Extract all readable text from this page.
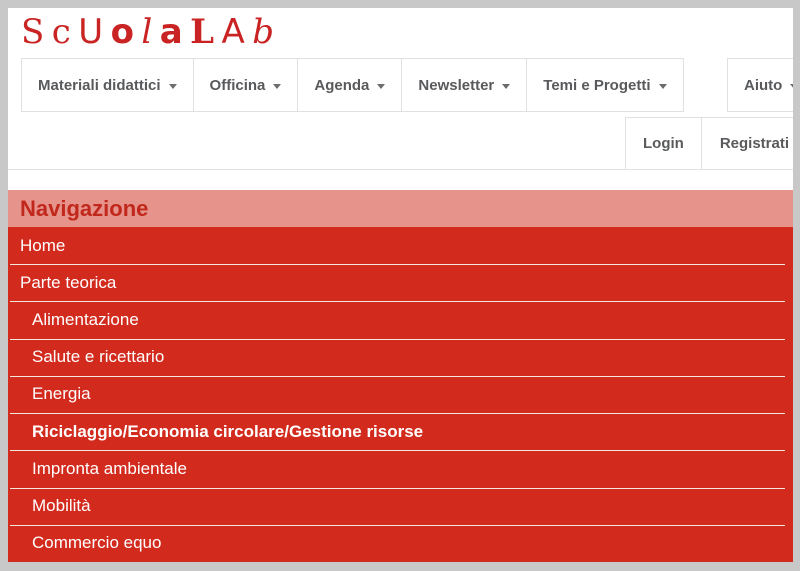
S c U o l a L A b
Materiali didattici	Officina	Agenda	Newsletter	Temi e Progetti	Aiuto
Login Registrati
Navigazione
Home
Parte teorica
Alimentazione
Salute e ricettario
Energia
Riciclaggio/Economia circolare/Gestione risorse
Impronta ambientale
Mobilità
Commercio equo
